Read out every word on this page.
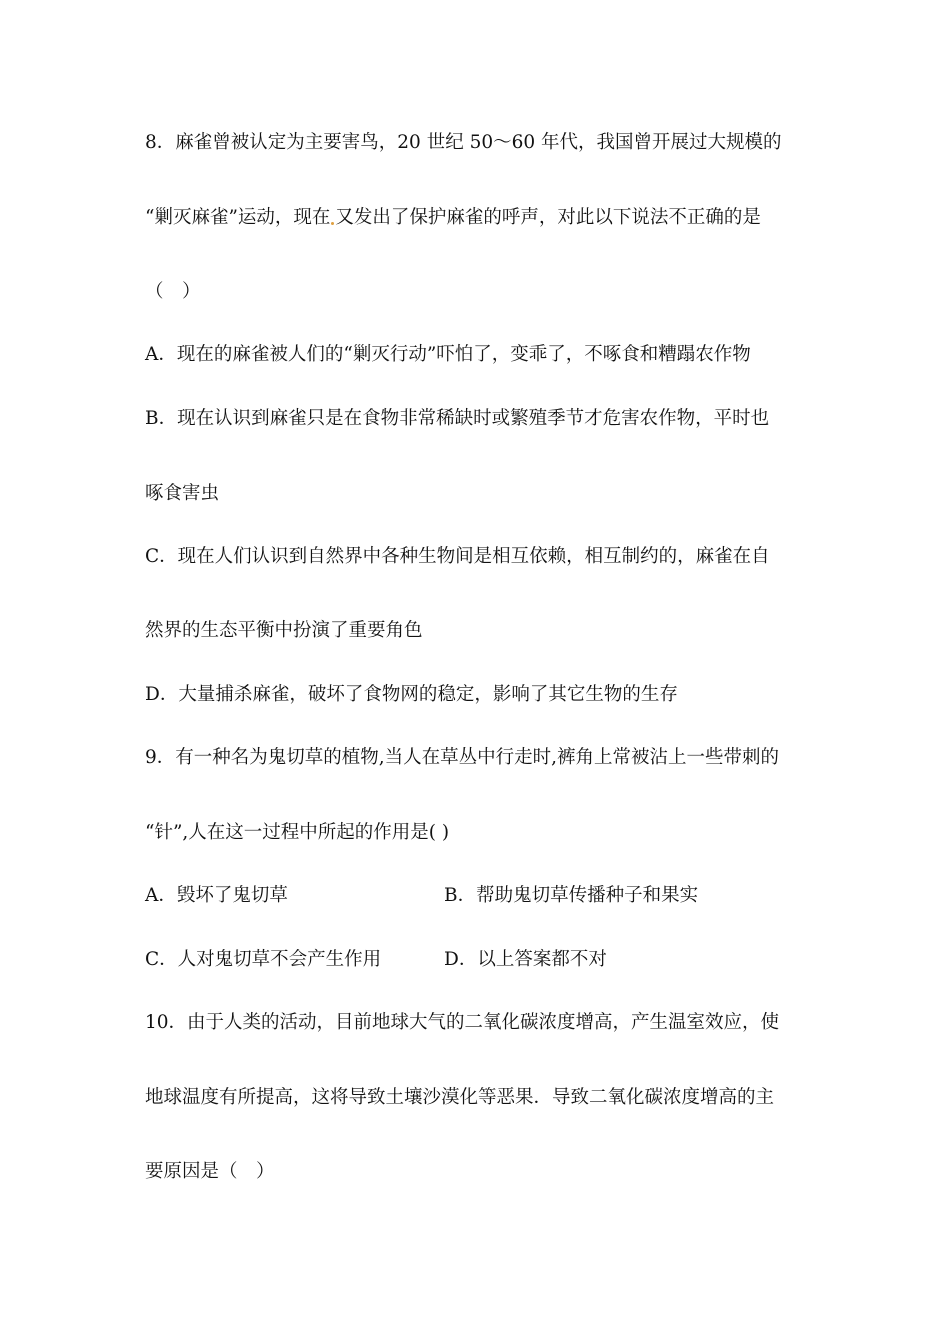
8．麻雀曾被认定为主要害鸟，20 世纪 50～60 年代，我国曾开展过大规模的
“剿灭麻雀”运动，现在 又发出了保护麻雀的呼声，对此以下说法不正确的是
（　）
A．现在的麻雀被人们的“剿灭行动”吓怕了，变乖了，不啄食和糟蹋农作物
B．现在认识到麻雀只是在食物非常稀缺时或繁殖季节才危害农作物，平时也
啄食害虫
C．现在人们认识到自然界中各种生物间是相互依赖，相互制约的，麻雀在自
然界的生态平衡中扮演了重要角色
D．大量捕杀麻雀，破坏了食物网的稳定，影响了其它生物的生存
9．有一种名为鬼切草的植物,当人在草丛中行走时,裤角上常被沾上一些带刺的
“针”,人在这一过程中所起的作用是( )
A．毁坏了鬼切草	B．帮助鬼切草传播种子和果实
C．人对鬼切草不会产生作用	D．以上答案都不对
10．由于人类的活动，目前地球大气的二氧化碳浓度增高，产生温室效应，使
地球温度有所提高，这将导致土壤沙漠化等恶果．导致二氧化碳浓度增高的主
要原因是（　）
